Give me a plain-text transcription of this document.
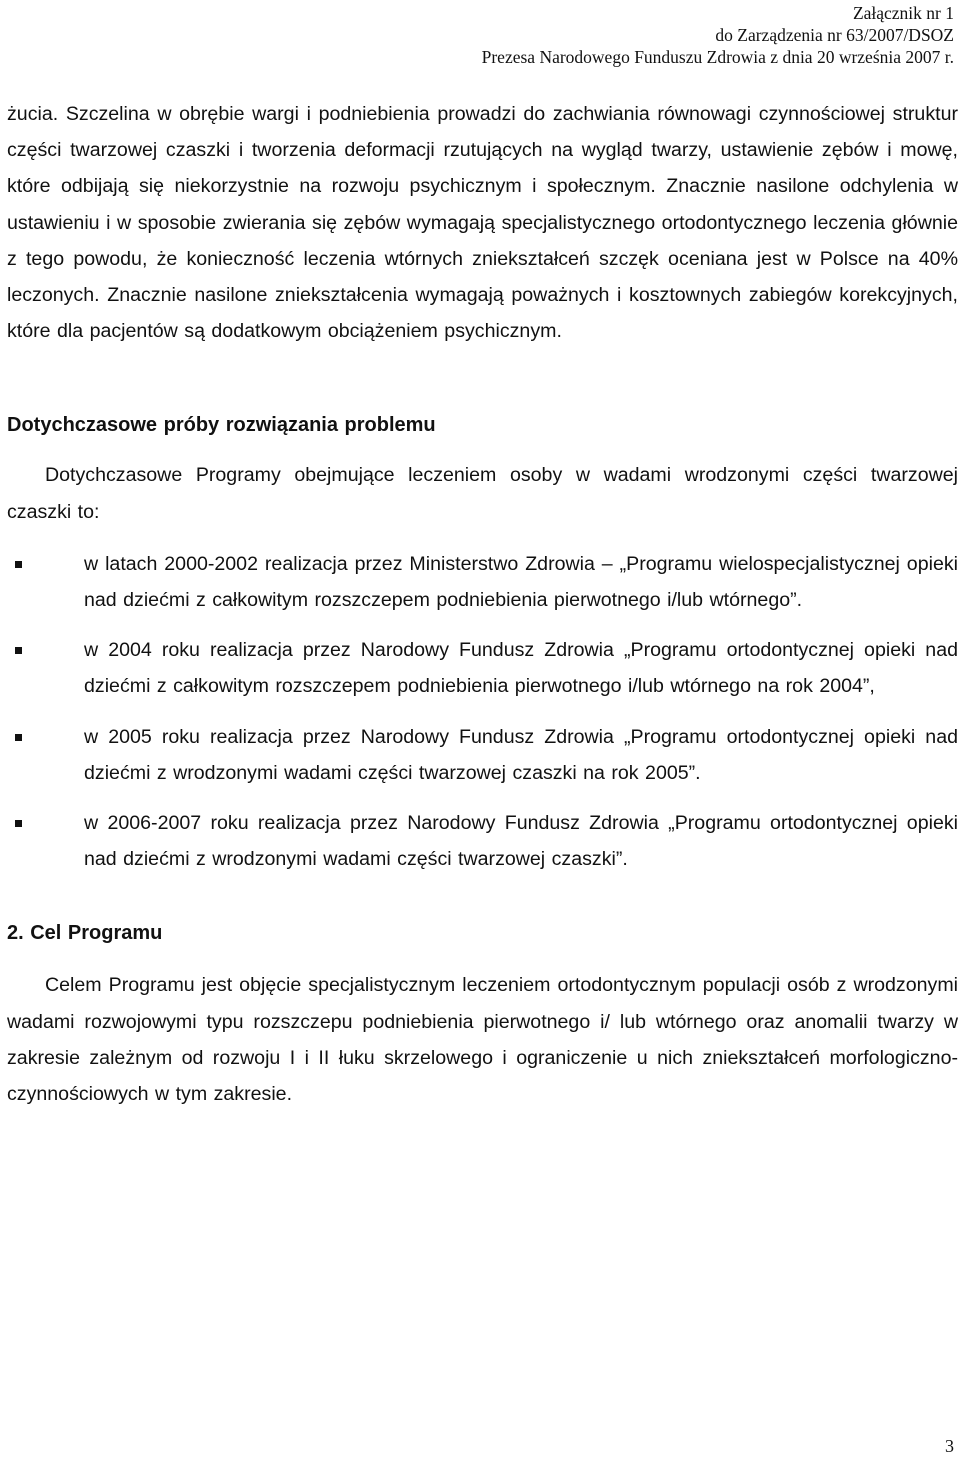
Załącznik nr 1
do Zarządzenia nr 63/2007/DSOZ
Prezesa Narodowego Funduszu Zdrowia z dnia 20 września 2007 r.

żucia. Szczelina w obrębie wargi i podniebienia prowadzi do zachwiania równowagi czynnościowej struktur części twarzowej czaszki i tworzenia deformacji rzutujących na wygląd twarzy, ustawienie zębów i mowę, które odbijają się niekorzystnie na rozwoju psychicznym i społecznym. Znacznie nasilone odchylenia w ustawieniu i w sposobie zwierania się zębów wymagają specjalistycznego ortodontycznego leczenia głównie z tego powodu, że konieczność leczenia wtórnych zniekształceń szczęk oceniana jest w Polsce na 40% leczonych. Znacznie nasilone zniekształcenia wymagają poważnych i kosztownych zabiegów korekcyjnych, które dla pacjentów są dodatkowym obciążeniem psychicznym.

Dotychczasowe próby rozwiązania problemu

Dotychczasowe Programy obejmujące leczeniem osoby w wadami wrodzonymi części twarzowej czaszki to:

w latach 2000-2002 realizacja przez Ministerstwo Zdrowia – „Programu wielospecjalistycznej opieki nad dziećmi z całkowitym rozszczepem podniebienia pierwotnego i/lub wtórnego”.
w 2004 roku realizacja przez Narodowy Fundusz Zdrowia „Programu ortodontycznej opieki nad dziećmi z całkowitym rozszczepem podniebienia pierwotnego i/lub wtórnego na rok 2004”,
w 2005 roku realizacja przez Narodowy Fundusz Zdrowia „Programu ortodontycznej opieki nad dziećmi z wrodzonymi wadami części twarzowej czaszki na rok 2005”.
w 2006-2007 roku realizacja przez Narodowy Fundusz Zdrowia „Programu ortodontycznej opieki nad dziećmi z wrodzonymi wadami części twarzowej czaszki”.
2. Cel Programu

Celem Programu jest objęcie specjalistycznym leczeniem ortodontycznym populacji osób z wrodzonymi wadami rozwojowymi typu rozszczepu podniebienia pierwotnego i/ lub wtórnego oraz anomalii twarzy w zakresie zależnym od rozwoju I i II łuku skrzelowego i ograniczenie u nich zniekształceń morfologiczno-czynnościowych w tym zakresie.

3
